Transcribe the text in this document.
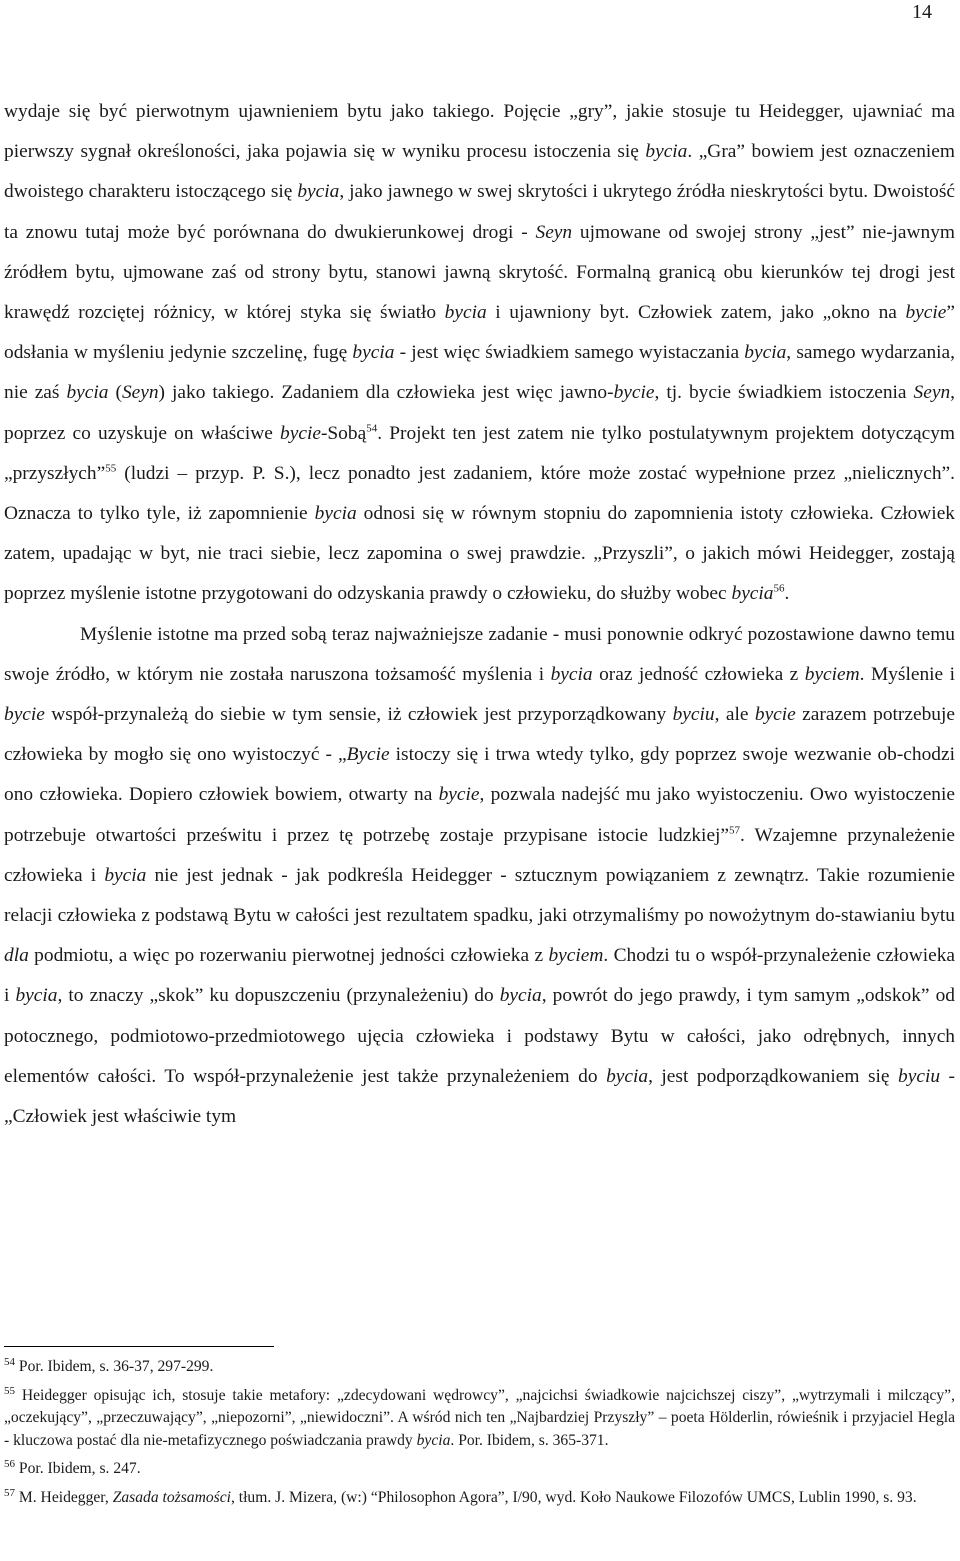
14

wydaje się być pierwotnym ujawnieniem bytu jako takiego. Pojęcie „gry”, jakie stosuje tu Heidegger, ujawniać ma pierwszy sygnał określoności, jaka pojawia się w wyniku procesu istoczenia się bycia. „Gra” bowiem jest oznaczeniem dwoistego charakteru istoczącego się bycia, jako jawnego w swej skrytości i ukrytego źródła nieskrytości bytu. Dwoistość ta znowu tutaj może być porównana do dwukierunkowej drogi - Seyn ujmowane od swojej strony „jest” nie-jawnym źródłem bytu, ujmowane zaś od strony bytu, stanowi jawną skrytość. Formalną granicą obu kierunków tej drogi jest krawędź rozciętej różnicy, w której styka się światło bycia i ujawniony byt. Człowiek zatem, jako „okno na bycie” odsłania w myśleniu jedynie szczelinę, fugę bycia - jest więc świadkiem samego wyistaczania bycia, samego wydarzania, nie zaś bycia (Seyn) jako takiego. Zadaniem dla człowieka jest więc jawno-bycie, tj. bycie świadkiem istoczenia Seyn, poprzez co uzyskuje on właściwe bycie-Sobą$^{54}$. Projekt ten jest zatem nie tylko postulatywnym projektem dotyczącym „przyszłych”$^{55}$ (ludzi – przyp. P. S.), lecz ponadto jest zadaniem, które może zostać wypełnione przez „nielicznych”. Oznacza to tylko tyle, iż zapomnienie bycia odnosi się w równym stopniu do zapomnienia istoty człowieka. Człowiek zatem, upadając w byt, nie traci siebie, lecz zapomina o swej prawdzie. „Przyszli”, o jakich mówi Heidegger, zostają poprzez myślenie istotne przygotowani do odzyskania prawdy o człowieku, do służby wobec bycia$^{56}$.

Myślenie istotne ma przed sobą teraz najważniejsze zadanie - musi ponownie odkryć pozostawione dawno temu swoje źródło, w którym nie została naruszona tożsamość myślenia i bycia oraz jedność człowieka z byciem. Myślenie i bycie współ-przynależą do siebie w tym sensie, iż człowiek jest przyporządkowany byciu, ale bycie zarazem potrzebuje człowieka by mogło się ono wyistoczyć - „Bycie istoczy się i trwa wtedy tylko, gdy poprzez swoje wezwanie ob-chodzi ono człowieka. Dopiero człowiek bowiem, otwarty na bycie, pozwala nadejść mu jako wyistoczeniu. Owo wyistoczenie potrzebuje otwartości prześwitu i przez tę potrzebę zostaje przypisane istocie ludzkiej”$^{57}$. Wzajemne przynależenie człowieka i bycia nie jest jednak - jak podkreśla Heidegger - sztucznym powiązaniem z zewnątrz. Takie rozumienie relacji człowieka z podstawą Bytu w całości jest rezultatem spadku, jaki otrzymaliśmy po nowożytnym do-stawianiu bytu dla podmiotu, a więc po rozerwaniu pierwotnej jedności człowieka z byciem. Chodzi tu o współ-przynależenie człowieka i bycia, to znaczy „skok” ku dopuszczeniu (przynależeniu) do bycia, powrót do jego prawdy, i tym samym „odskok” od potocznego, podmiotowo-przedmiotowego ujęcia człowieka i podstawy Bytu w całości, jako odrębnych, innych elementów całości. To współ-przynależenie jest także przynależeniem do bycia, jest podporządkowaniem się byciu - „Człowiek jest właściwie tym

$^{54}$ Por. Ibidem, s. 36-37, 297-299.

$^{55}$ Heidegger opisując ich, stosuje takie metafory: „zdecydowani wędrowcy”, „najcichsi świadkowie najcichszej ciszy”, „wytrzymali i milczący”, „oczekujący”, „przeczuwający”, „niepozorni”, „niewidoczni”. A wśród nich ten „Najbardziej Przyszły” – poeta Hölderlin, rówieśnik i przyjaciel Hegla - kluczowa postać dla nie-metafizycznego poświadczania prawdy bycia. Por. Ibidem, s. 365-371.

$^{56}$ Por. Ibidem, s. 247.

$^{57}$ M. Heidegger, Zasada tożsamości, tłum. J. Mizera, (w:) “Philosophon Agora”, I/90, wyd. Koło Naukowe Filozofów UMCS, Lublin 1990, s. 93.
